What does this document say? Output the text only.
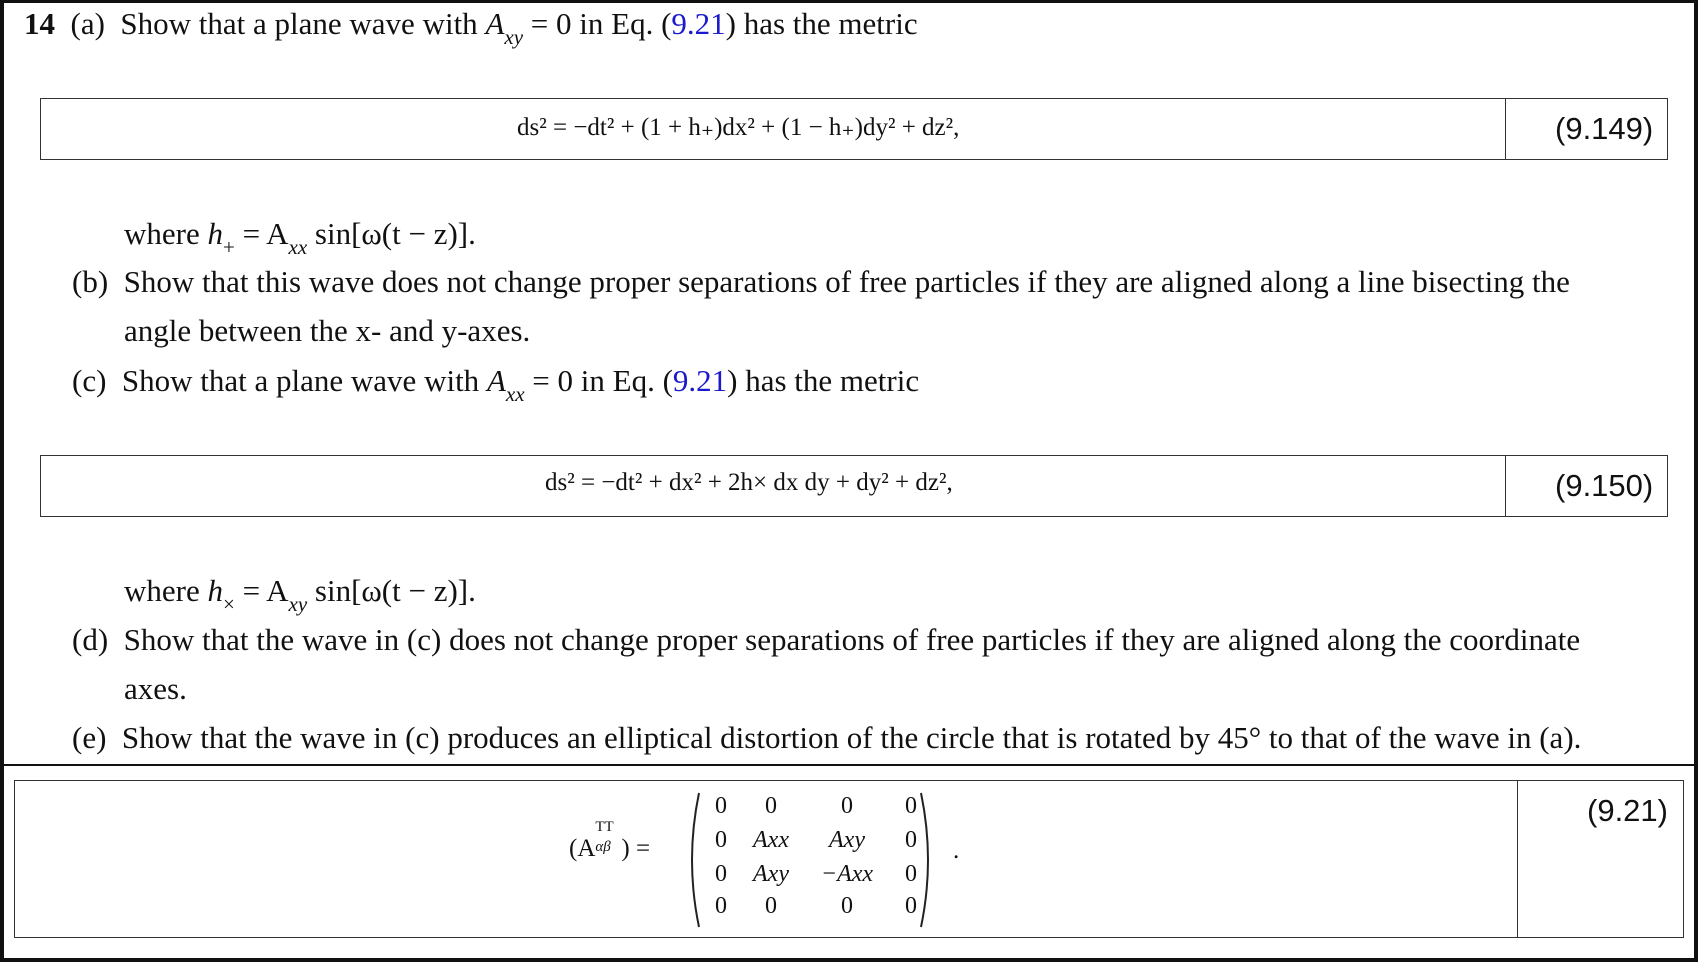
14 (a) Show that a plane wave with $A_{xy} = 0$ in Eq. (9.21) has the metric
ds² = −dt² + (1 + h₊)dx² + (1 − h₊)dy² + dz²,	(9.149)
where $h_+ = A_{xx}$ sin[ω(t − z)].
(b) Show that this wave does not change proper separations of free particles if they are aligned along a line bisecting the
angle between the x- and y-axes.
(c) Show that a plane wave with $A_{xx} = 0$ in Eq. (9.21) has the metric
ds² = −dt² + dx² + 2h× dx dy + dy² + dz²,	(9.150)
where $h_\times = A_{xy}$ sin[ω(t − z)].
(d) Show that the wave in (c) does not change proper separations of free particles if they are aligned along the coordinate
axes.
(e) Show that the wave in (c) produces an elliptical distortion of the circle that is rotated by 45° to that of the wave in (a).
(A
TT
αβ ) =
0	0	0	0
0	Axx	Axy	0
0	Axy	−Axx	0
0	0	0	0
.
(9.21)
